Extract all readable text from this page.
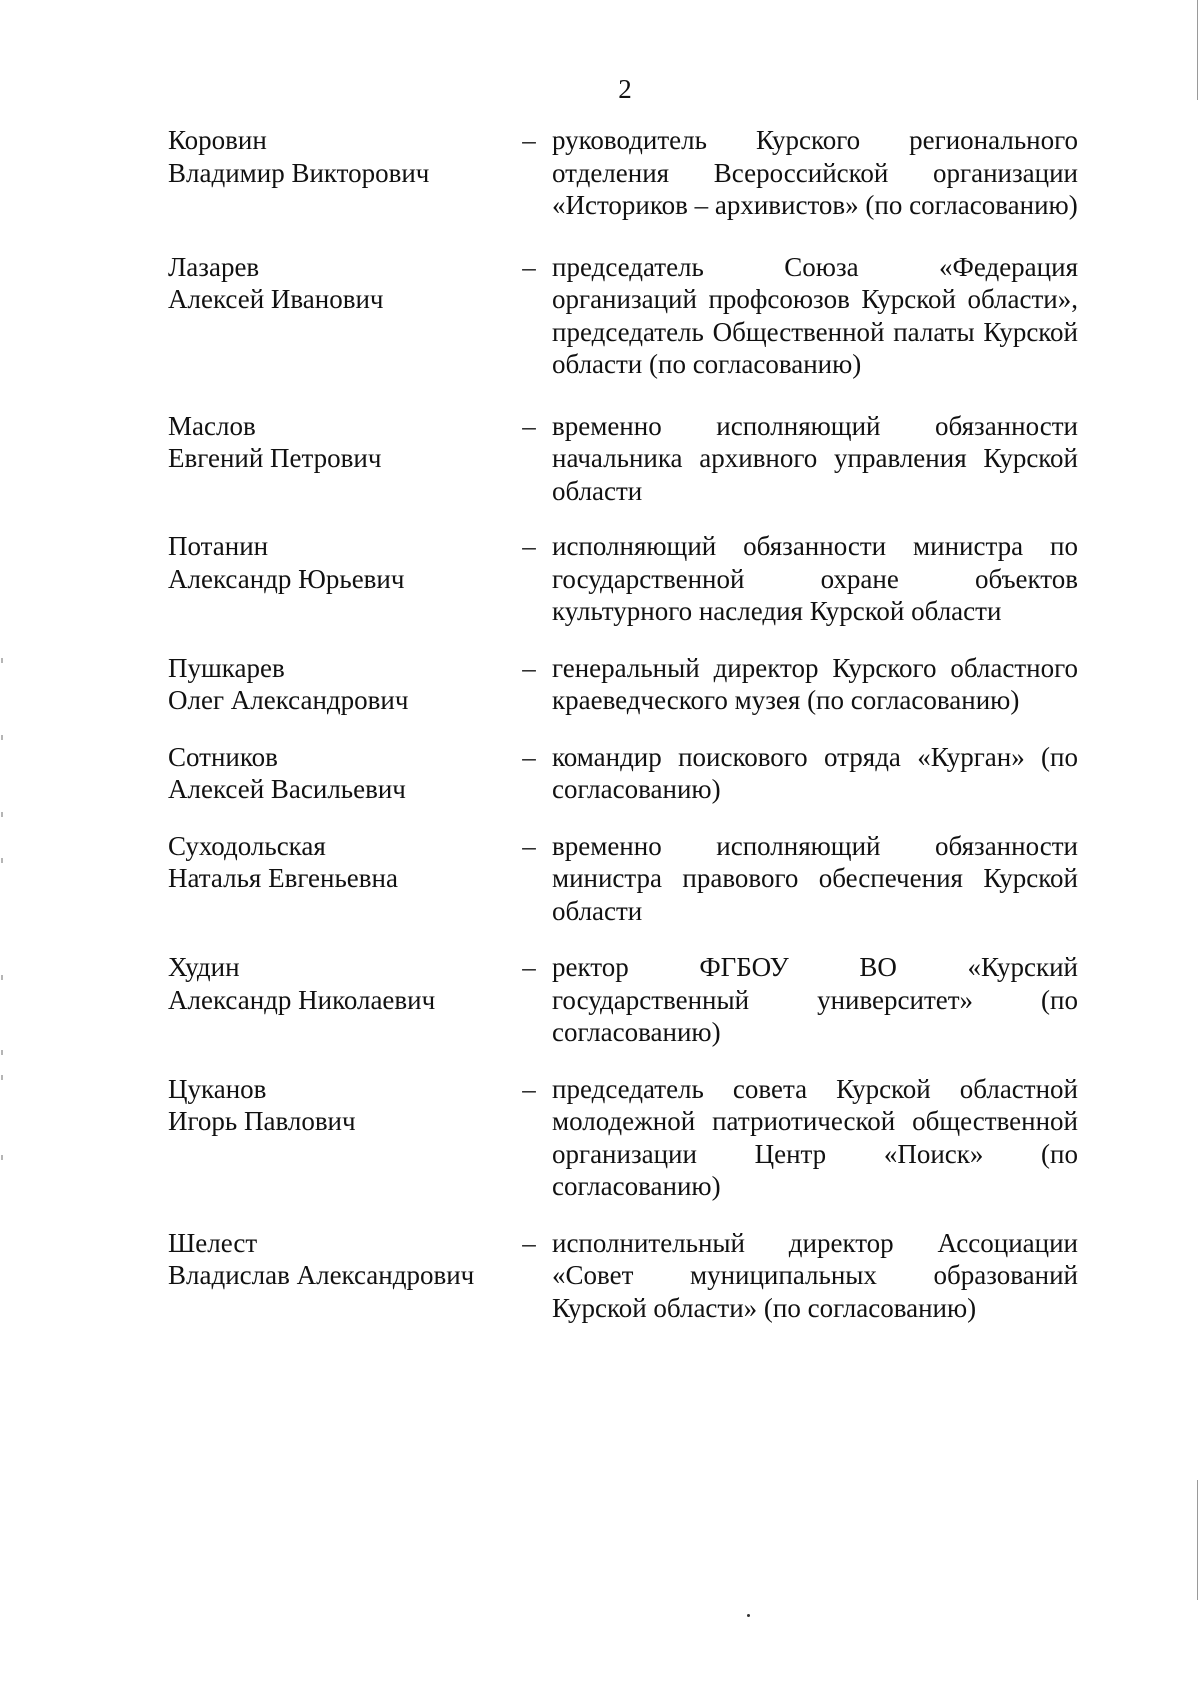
2
Коровин
Владимир Викторович
– руководитель Курского регионального отделения Всероссийской организации «Историков – архивистов» (по согласованию)
Лазарев
Алексей Иванович
– председатель Союза «Федерация организаций профсоюзов Курской области», председатель Общественной палаты Курской области (по согласованию)
Маслов
Евгений Петрович
– временно исполняющий обязанности начальника архивного управления Курской области
Потанин
Александр Юрьевич
– исполняющий обязанности министра по государственной охране объектов культурного наследия Курской области
Пушкарев
Олег Александрович
– генеральный директор Курского областного краеведческого музея (по согласованию)
Сотников
Алексей Васильевич
– командир поискового отряда «Курган» (по согласованию)
Суходольская
Наталья Евгеньевна
– временно исполняющий обязанности министра правового обеспечения Курской области
Худин
Александр Николаевич
– ректор ФГБОУ ВО «Курский государственный университет» (по согласованию)
Цуканов
Игорь Павлович
– председатель совета Курской областной молодежной патриотической общественной организации Центр «Поиск» (по согласованию)
Шелест
Владислав Александрович
– исполнительный директор Ассоциации «Совет муниципальных образований Курской области» (по согласованию)
